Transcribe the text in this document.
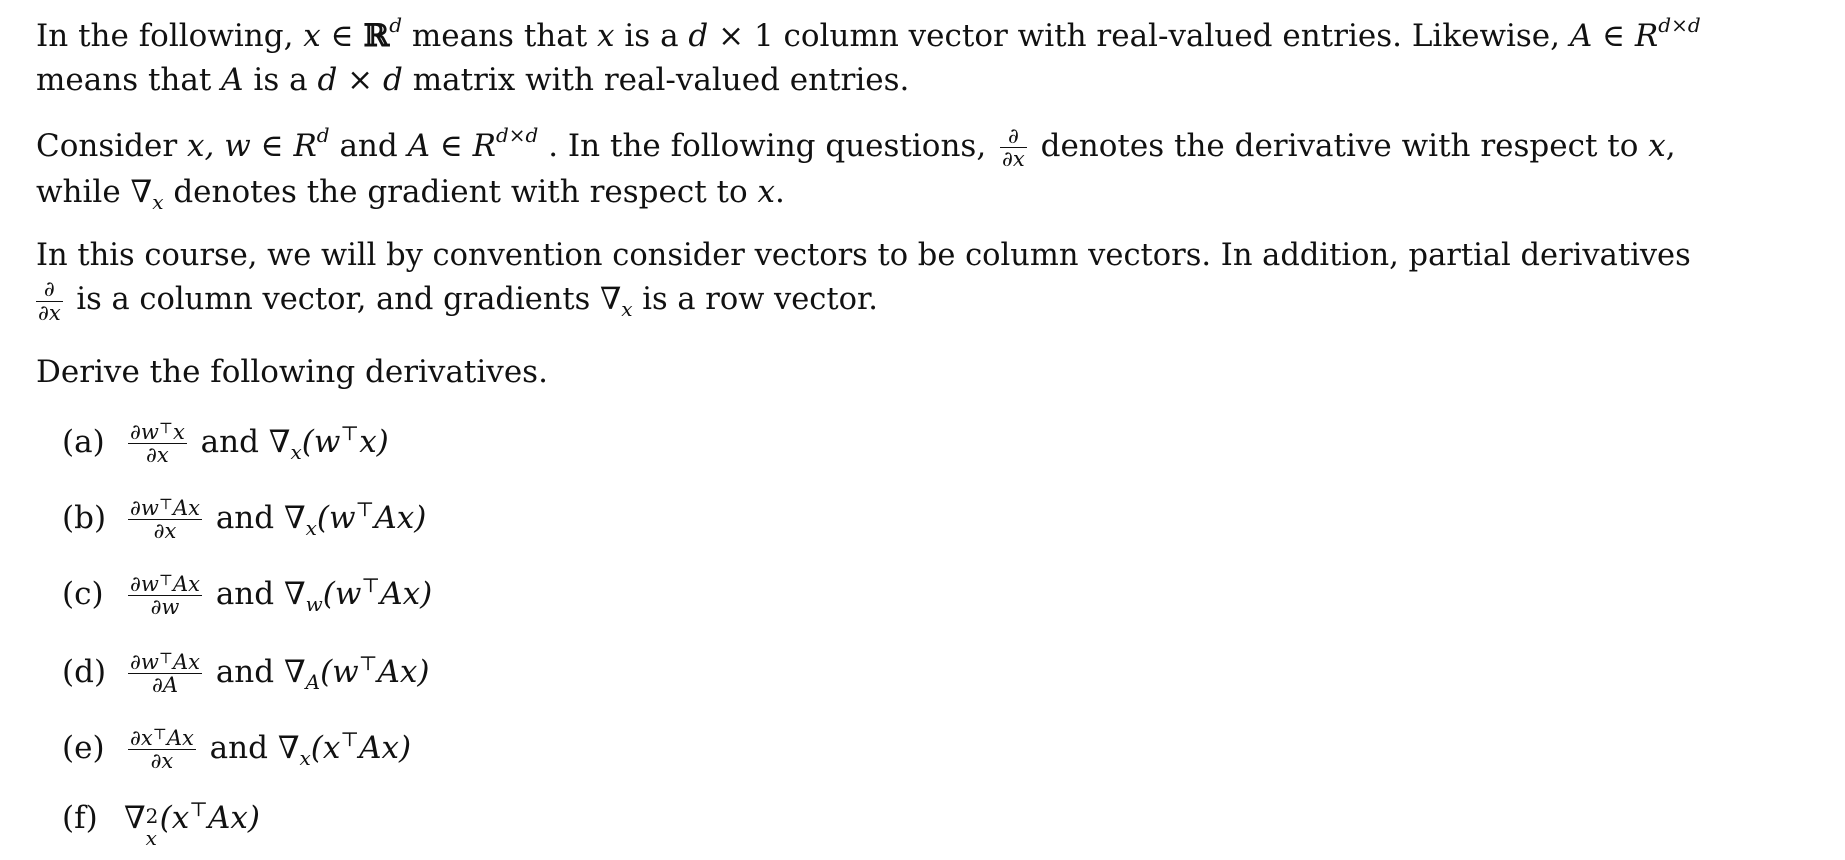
In the following, x ∈ ℝ$^d$ means that x is a d × 1 column vector with real-valued entries. Likewise, A ∈ $R^{d\times d}$
means that A is a d × d matrix with real-valued entries.
Consider x, w ∈ $R^d$ and A ∈ $R^{d\times d}$ . In the following questions, $\frac{\partial}{\partial x}$ denotes the derivative with respect to x,
while $\nabla_x$ denotes the gradient with respect to x.
In this course, we will by convention consider vectors to be column vectors. In addition, partial derivatives

$\frac{\partial}{\partial x}$ is a column vector, and gradients $\nabla_x$ is a row vector.
Derive the following derivatives.
$(a) \frac{\partial w^⊤x}{\partial x}$ and $\nabla_x(w^⊤x)$
$(b) \frac{\partial w^⊤Ax}{\partial x}$ and $\nabla_x(w^⊤Ax)$
$(c) \frac{\partial w^⊤Ax}{\partial w}$ and $\nabla_w(w^⊤Ax)$
$(d) \frac{\partial w^⊤Ax}{\partial A}$ and $\nabla_A(w^⊤Ax)$
$(e) \frac{\partial x^⊤Ax}{\partial x}$ and $\nabla_x(x^⊤Ax)$
(f) ∇ 2
x
(x⊤Ax)
